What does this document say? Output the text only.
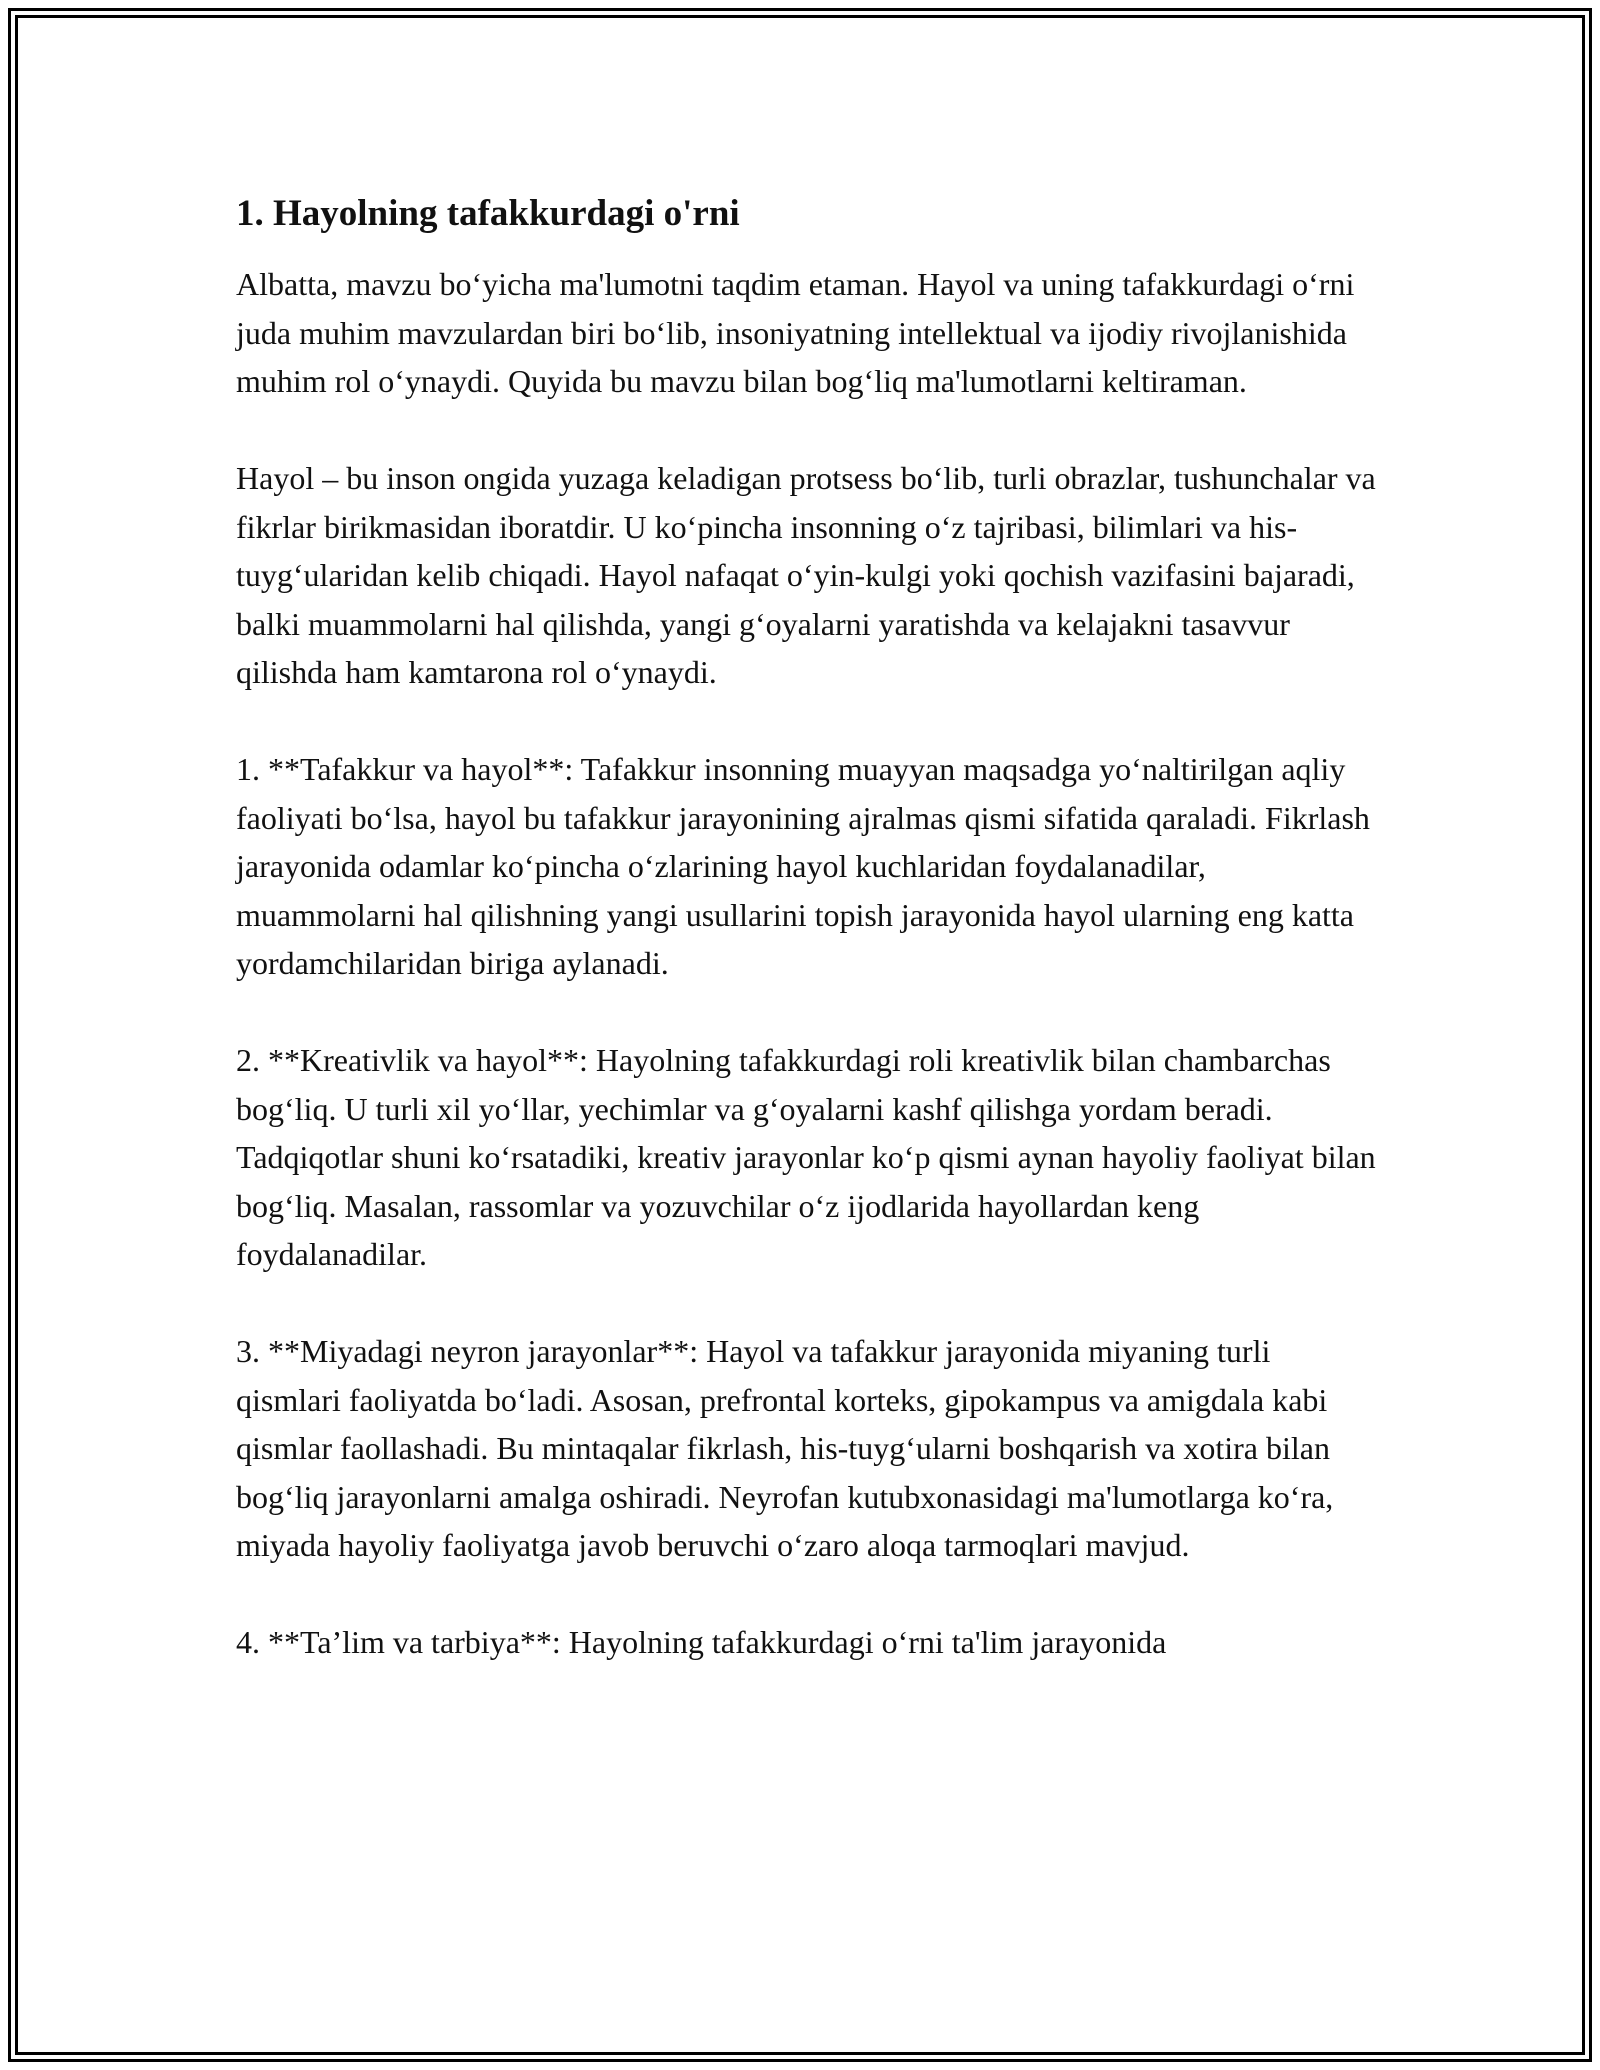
1. Hayolning tafakkurdagi o'rni

Albatta, mavzu bo‘yicha ma'lumotni taqdim etaman. Hayol va uning tafakkurdagi o‘rni juda muhim mavzulardan biri bo‘lib, insoniyatning intellektual va ijodiy rivojlanishida muhim rol o‘ynaydi. Quyida bu mavzu bilan bog‘liq ma'lumotlarni keltiraman.

Hayol – bu inson ongida yuzaga keladigan protsess bo‘lib, turli obrazlar, tushunchalar va fikrlar birikmasidan iboratdir. U ko‘pincha insonning o‘z tajribasi, bilimlari va his-tuyg‘ularidan kelib chiqadi. Hayol nafaqat o‘yin-kulgi yoki qochish vazifasini bajaradi, balki muammolarni hal qilishda, yangi g‘oyalarni yaratishda va kelajakni tasavvur qilishda ham kamtarona rol o‘ynaydi.

1. **Tafakkur va hayol**: Tafakkur insonning muayyan maqsadga yo‘naltirilgan aqliy faoliyati bo‘lsa, hayol bu tafakkur jarayonining ajralmas qismi sifatida qaraladi. Fikrlash jarayonida odamlar ko‘pincha o‘zlarining hayol kuchlaridan foydalanadilar, muammolarni hal qilishning yangi usullarini topish jarayonida hayol ularning eng katta yordamchilaridan biriga aylanadi.

2. **Kreativlik va hayol**: Hayolning tafakkurdagi roli kreativlik bilan chambarchas bog‘liq. U turli xil yo‘llar, yechimlar va g‘oyalarni kashf qilishga yordam beradi. Tadqiqotlar shuni ko‘rsatadiki, kreativ jarayonlar ko‘p qismi aynan hayoliy faoliyat bilan bog‘liq. Masalan, rassomlar va yozuvchilar o‘z ijodlarida hayollardan keng foydalanadilar.

3. **Miyadagi neyron jarayonlar**: Hayol va tafakkur jarayonida miyaning turli qismlari faoliyatda bo‘ladi. Asosan, prefrontal korteks, gipokampus va amigdala kabi qismlar faollashadi. Bu mintaqalar fikrlash, his-tuyg‘ularni boshqarish va xotira bilan bog‘liq jarayonlarni amalga oshiradi. Neyrofan kutubxonasidagi ma'lumotlarga ko‘ra, miyada hayoliy faoliyatga javob beruvchi o‘zaro aloqa tarmoqlari mavjud.

4. **Ta’lim va tarbiya**: Hayolning tafakkurdagi o‘rni ta'lim jarayonida
